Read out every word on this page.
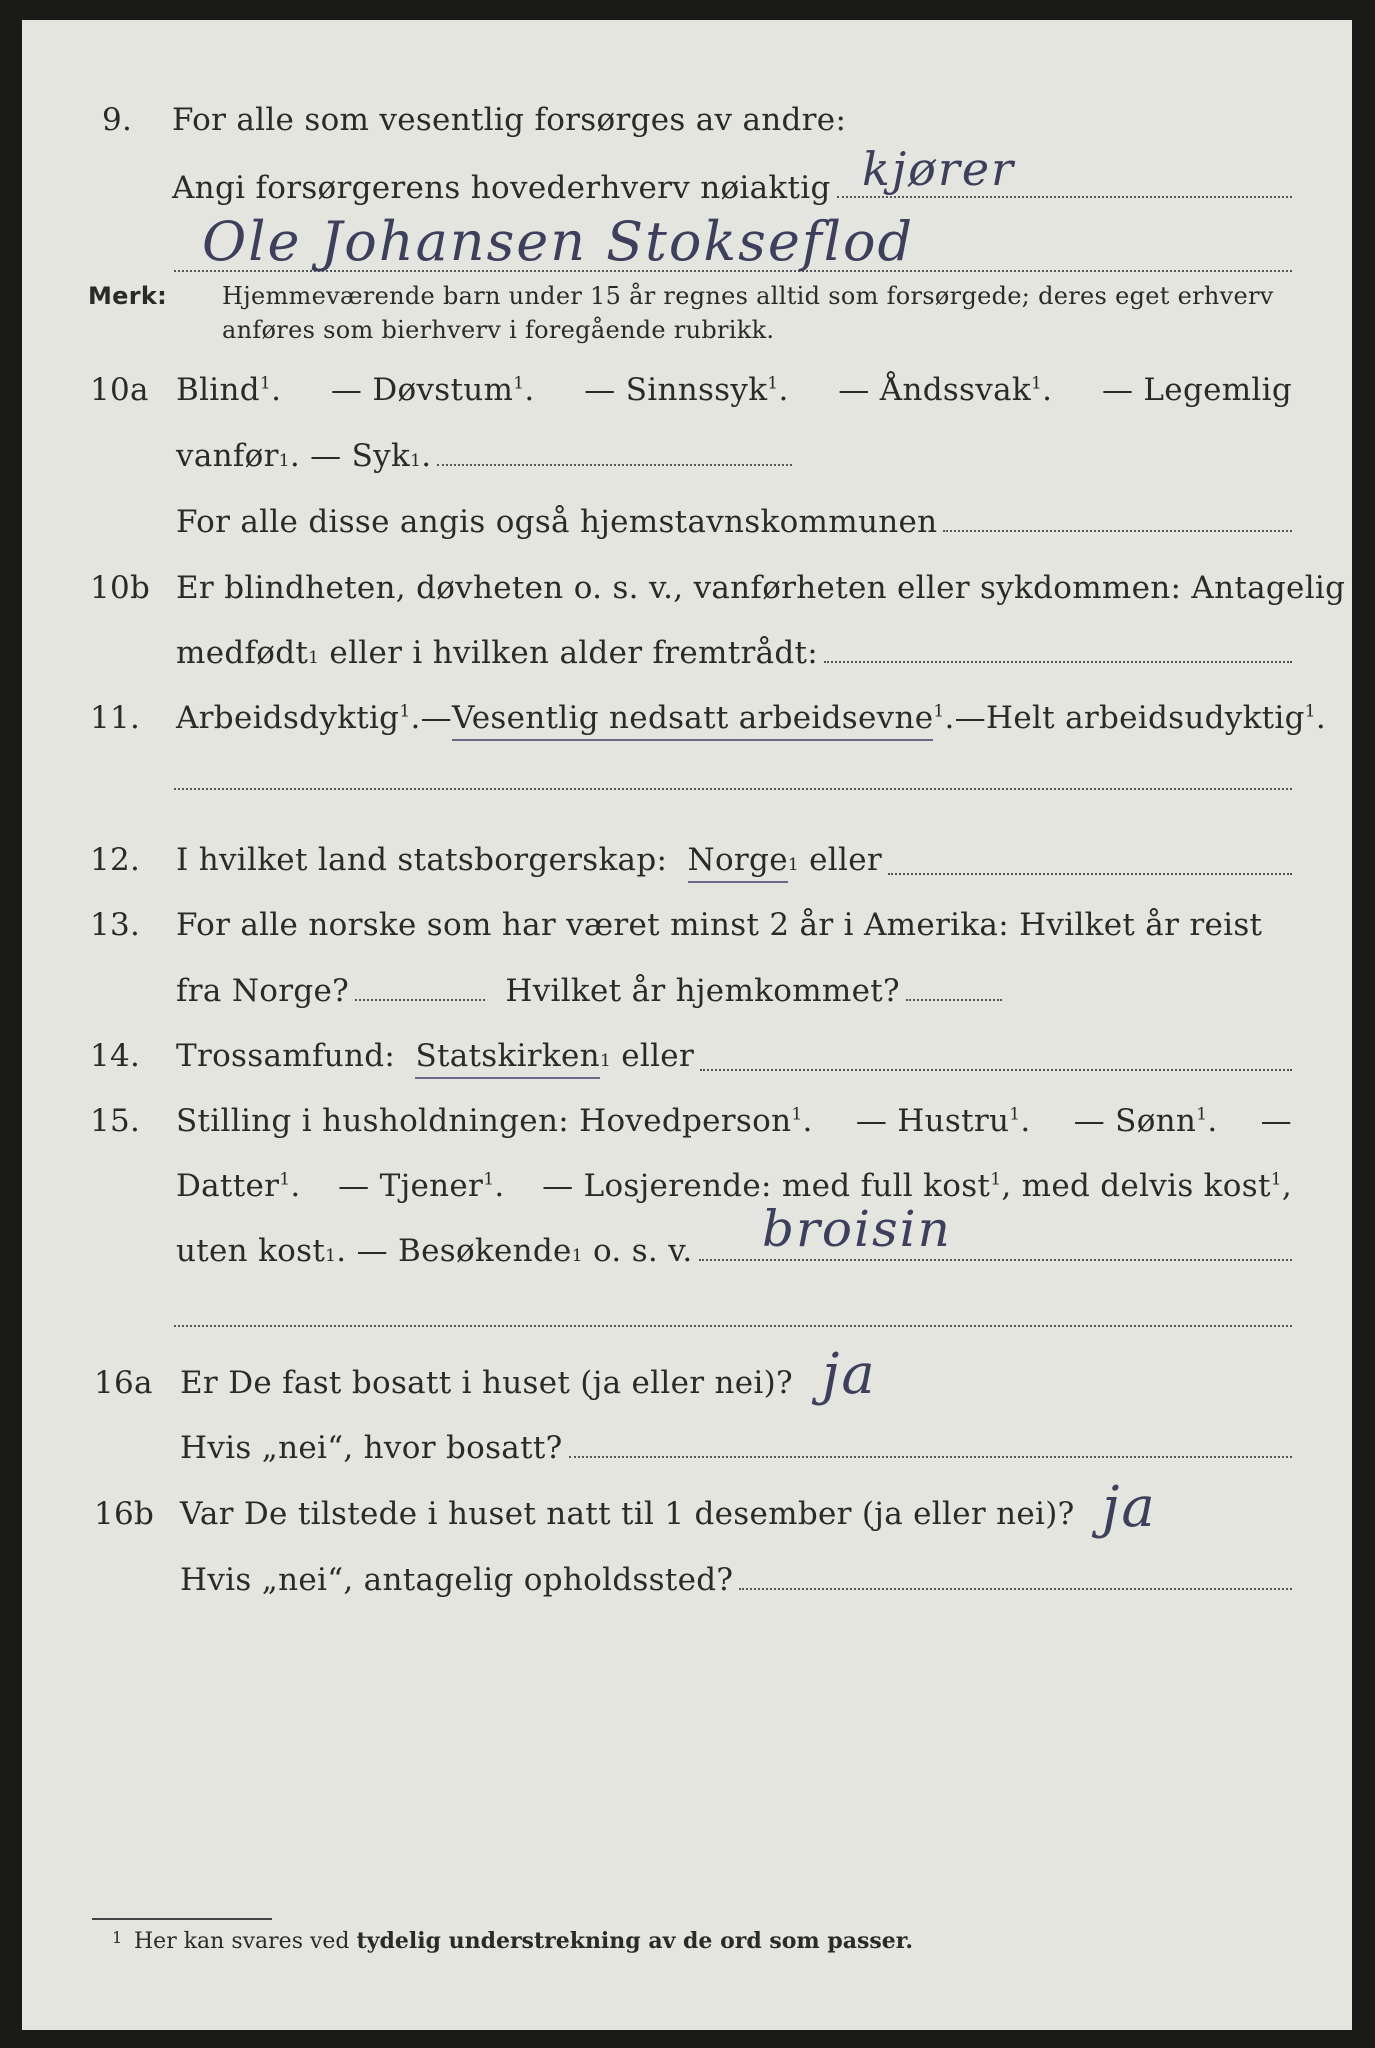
9. For alle som vesentlig forsørges av andre:
Angi forsørgerens hovederhverv nøiaktig kjører
Ole Johansen Stokseflod
Merk: Hjemmeværende barn under 15 år regnes alltid som forsørgede; deres eget erhverv
anføres som bierhverv i foregående rubrikk.
10a Blind$^1$. — Døvstum$^1$. — Sinnssyk$^1$. — Åndssvak$^1$. — Legemlig
vanfør 1 . — Syk 1 .
For alle disse angis også hjemstavnskommunen
10b Er blindheten, døvheten o. s. v., vanførheten eller sykdommen: Antagelig
medfødt 1
eller i hvilken alder fremtrådt:
11. Arbeidsdyktig$^1$. — Vesentlig nedsatt arbeidsevne$^1$. — Helt arbeidsudyktig$^1$.
12. I hvilket land statsborgerskap:
Norge 1
eller
13. For alle norske som har været minst 2 år i Amerika: Hvilket år reist
fra Norge?
	Hvilket år hjemkommet?
14. Trossamfund:
Statskirken 1
eller
15. Stilling i husholdningen: Hovedperson$^1$. — Hustru$^1$. — Sønn$^1$. —
Datter$^1$. — Tjener$^1$. — Losjerende: med full kost$^1$, med delvis kost$^1$,
uten kost 1 . — Besøkende 1
o. s. v. broisin
16a Er De fast bosatt i huset (ja eller nei)? ja
Hvis „nei“, hvor bosatt?
16b Var De tilstede i huset natt til 1 desember (ja eller nei)? ja
Hvis „nei“, antagelig opholdssted?
1 Her kan svares ved tydelig understrekning av de ord som passer.
